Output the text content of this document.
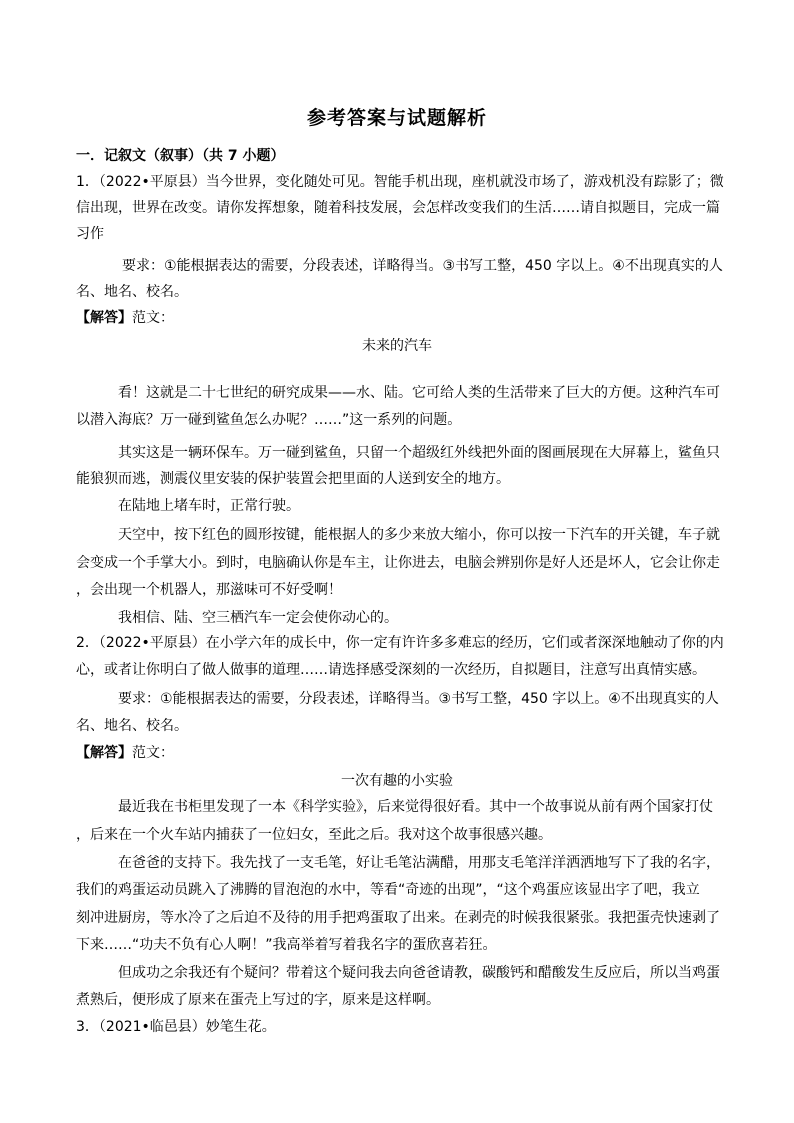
参考答案与试题解析
一．记叙文（叙事）（共 7 小题）
1．（2022•平原县）当今世界，变化随处可见。智能手机出现，座机就没市场了，游戏机没有踪影了；微
信出现，世界在改变。请你发挥想象，随着科技发展，会怎样改变我们的生活……请自拟题目，完成一篇
习作
要求：①能根据表达的需要，分段表述，详略得当。③书写工整，450 字以上。④不出现真实的人
名、地名、校名。
【解答】范文：
未来的汽车
看！这就是二十七世纪的研究成果——水、陆。它可给人类的生活带来了巨大的方便。这种汽车可
以潜入海底？万一碰到鲨鱼怎么办呢？……”这一系列的问题。
其实这是一辆环保车。万一碰到鲨鱼，只留一个超级红外线把外面的图画展现在大屏幕上，鲨鱼只
能狼狈而逃，测震仪里安装的保护装置会把里面的人送到安全的地方。
在陆地上堵车时，正常行驶。
天空中，按下红色的圆形按键，能根据人的多少来放大缩小，你可以按一下汽车的开关键，车子就
会变成一个手掌大小。到时，电脑确认你是车主，让你进去，电脑会辨别你是好人还是坏人，它会让你走
，会出现一个机器人，那滋味可不好受啊！
我相信、陆、空三栖汽车一定会使你动心的。
2．（2022•平原县）在小学六年的成长中，你一定有许许多多难忘的经历，它们或者深深地触动了你的内
心，或者让你明白了做人做事的道理……请选择感受深刻的一次经历，自拟题目，注意写出真情实感。
要求：①能根据表达的需要，分段表述，详略得当。③书写工整，450 字以上。④不出现真实的人
名、地名、校名。
【解答】范文：
一次有趣的小实验
最近我在书柜里发现了一本《科学实验》，后来觉得很好看。其中一个故事说从前有两个国家打仗
，后来在一个火车站内捕获了一位妇女，至此之后。我对这个故事很感兴趣。
在爸爸的支持下。我先找了一支毛笔，好让毛笔沾满醋，用那支毛笔洋洋洒洒地写下了我的名字，
我们的鸡蛋运动员跳入了沸腾的冒泡泡的水中，等看“奇迹的出现”，“这个鸡蛋应该显出字了吧，我立
刻冲进厨房，等水冷了之后迫不及待的用手把鸡蛋取了出来。在剥壳的时候我很紧张。我把蛋壳快速剥了
下来……“功夫不负有心人啊！”我高举着写着我名字的蛋欣喜若狂。
但成功之余我还有个疑问？带着这个疑问我去向爸爸请教，碳酸钙和醋酸发生反应后，所以当鸡蛋
煮熟后，便形成了原来在蛋壳上写过的字，原来是这样啊。
3．（2021•临邑县）妙笔生花。
